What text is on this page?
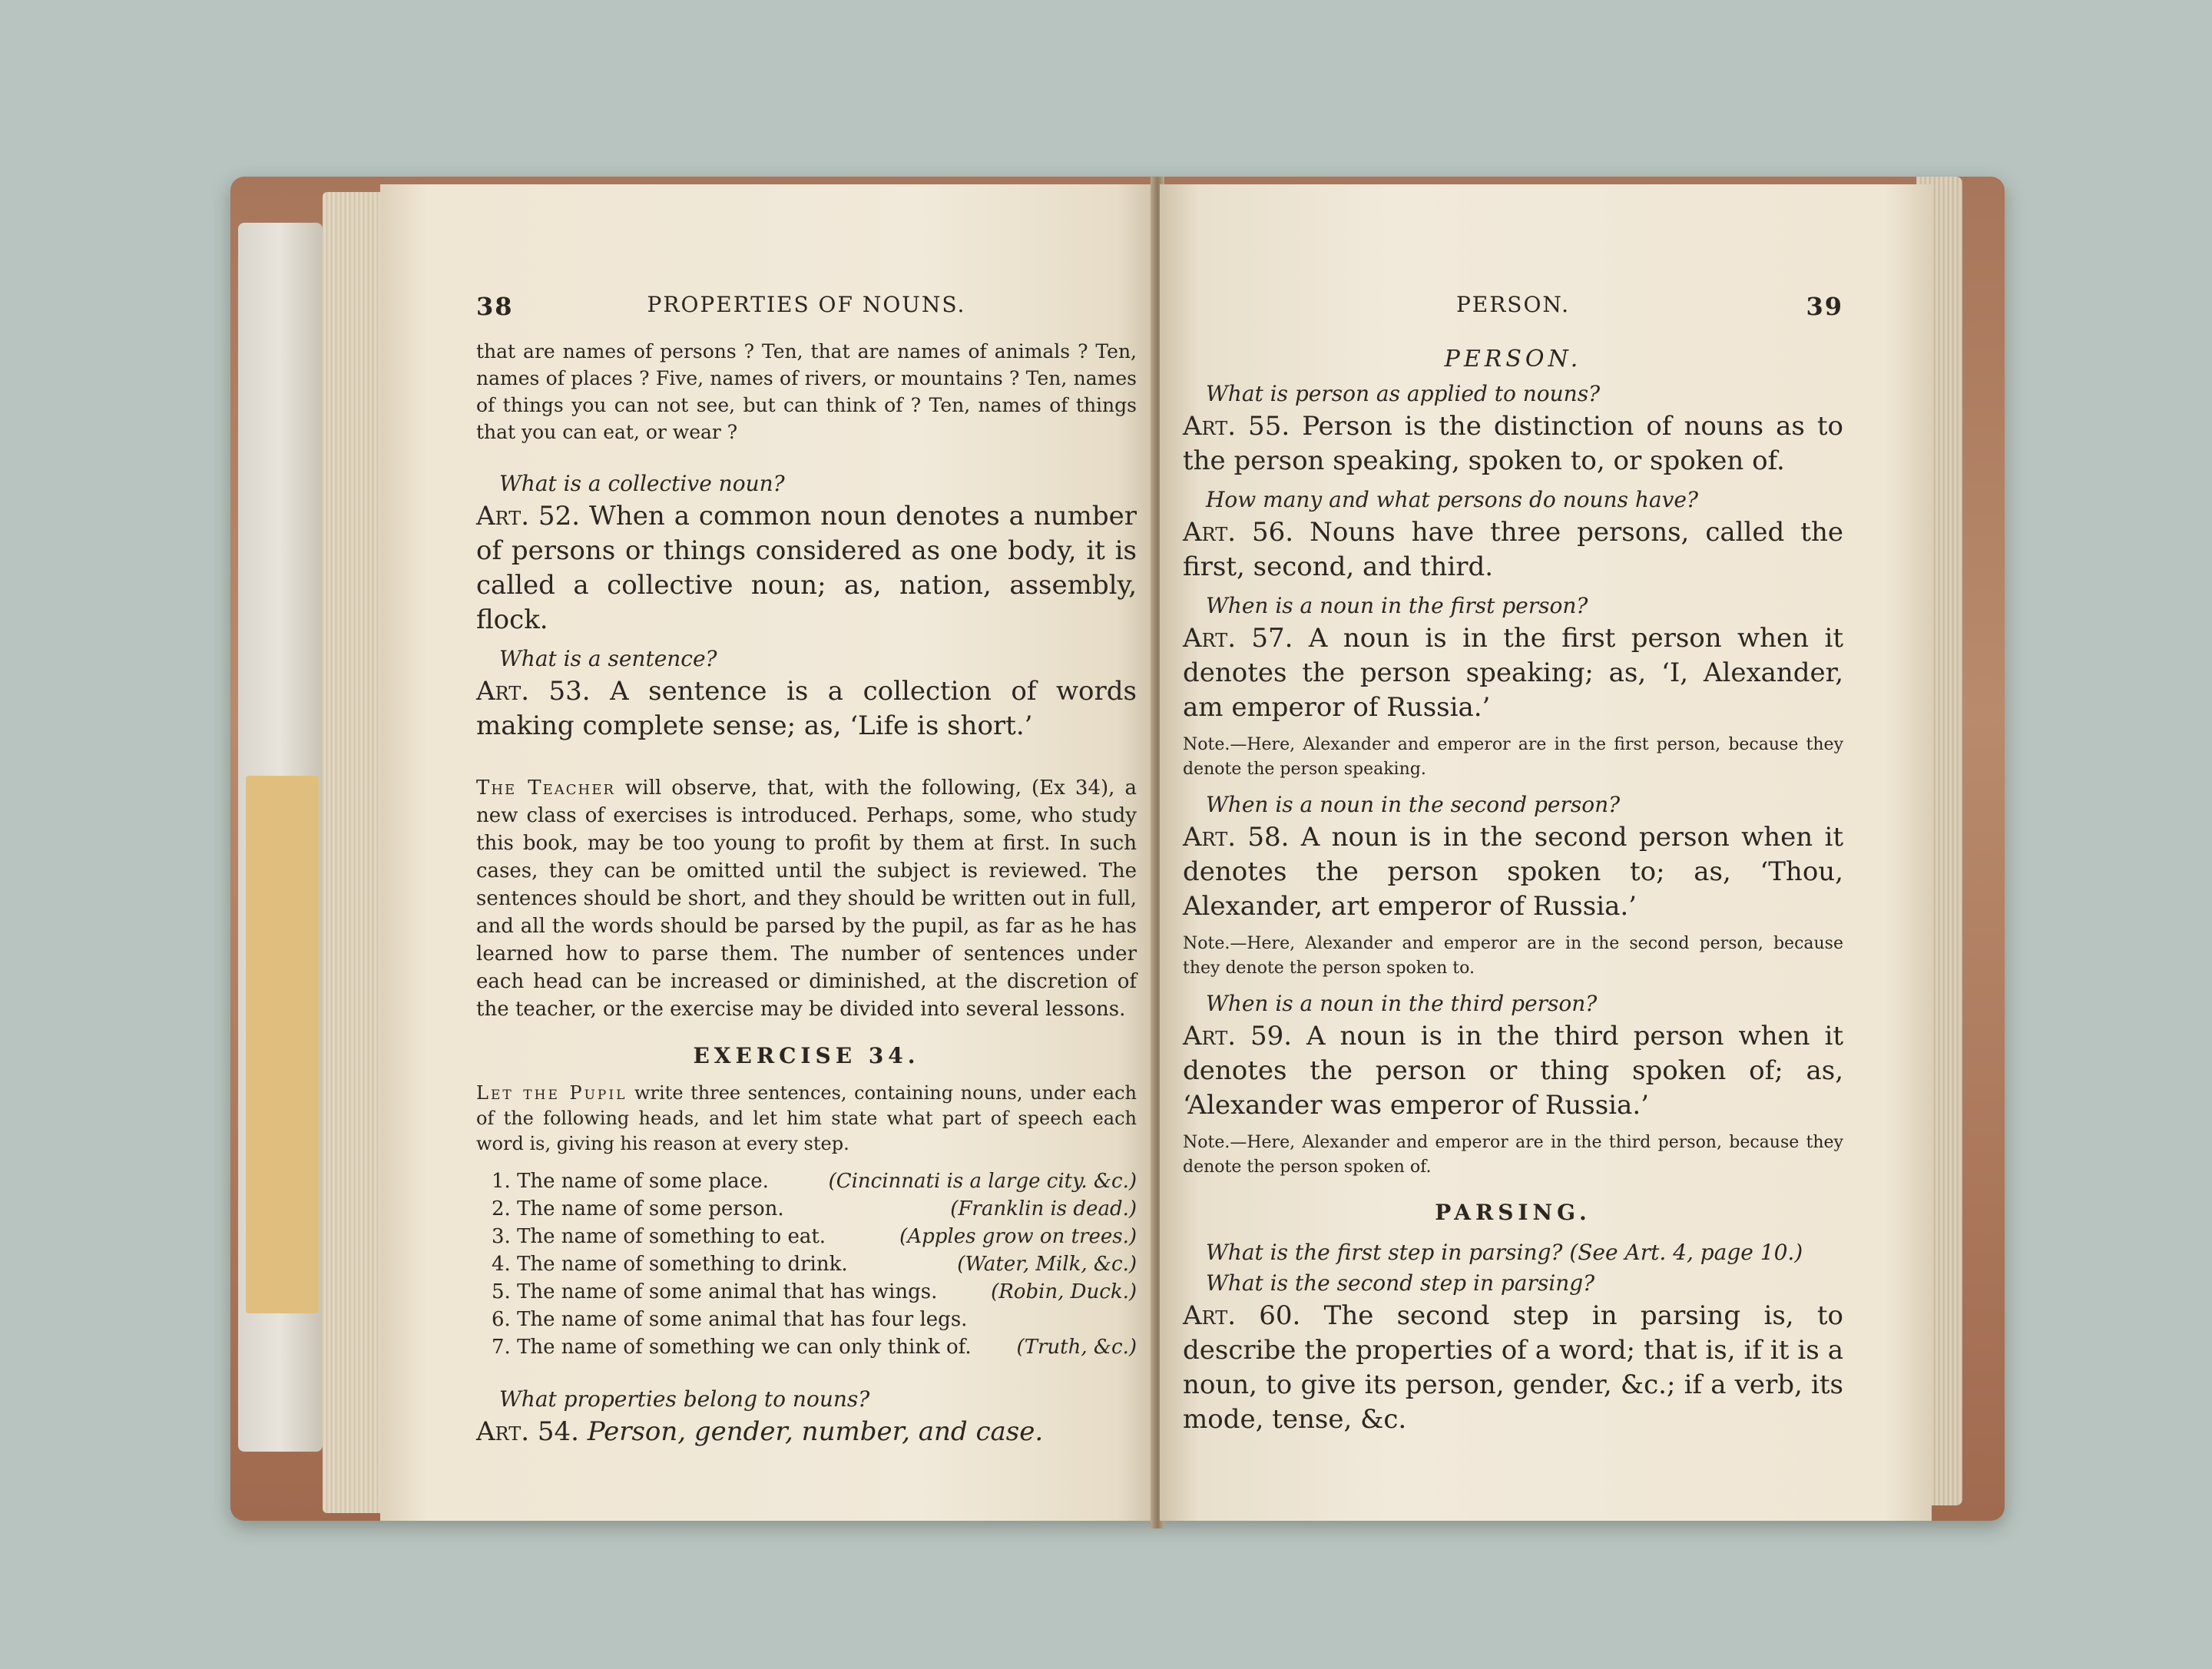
38	PROPERTIES OF NOUNS.

that are names of persons ? Ten, that are names of animals ? Ten, names of places ? Five, names of rivers, or mountains ? Ten, names of things you can not see, but can think of ? Ten, names of things that you can eat, or wear ?

What is a collective noun?

Art. 52. When a common noun denotes a number of persons or things considered as one body, it is called a collective noun; as, nation, assembly, flock.

What is a sentence?

Art. 53. A sentence is a collection of words making complete sense; as, ‘Life is short.’

The Teacher will observe, that, with the following, (Ex 34), a new class of exercises is introduced. Perhaps, some, who study this book, may be too young to profit by them at first. In such cases, they can be omitted until the subject is reviewed. The sentences should be short, and they should be written out in full, and all the words should be parsed by the pupil, as far as he has learned how to parse them. The number of sentences under each head can be increased or diminished, at the discretion of the teacher, or the exercise may be divided into several lessons.

EXERCISE 34.

Let the Pupil write three sentences, containing nouns, under each of the following heads, and let him state what part of speech each word is, giving his reason at every step.

1. The name of some place.	(Cincinnati is a large city. &c.)
2. The name of some person.	(Franklin is dead.)
3. The name of something to eat.	(Apples grow on trees.)
4. The name of something to drink.	(Water, Milk, &c.)
5. The name of some animal that has wings.	(Robin, Duck.)
6. The name of some animal that has four legs.
7. The name of something we can only think of. (Truth, &c.)

What properties belong to nouns?

Art. 54. Person, gender, number, and case.

PERSON.	39

PERSON.

What is person as applied to nouns?

Art. 55. Person is the distinction of nouns as to the person speaking, spoken to, or spoken of.

How many and what persons do nouns have?

Art. 56. Nouns have three persons, called the first, second, and third.

When is a noun in the first person?

Art. 57. A noun is in the first person when it denotes the person speaking; as, ‘I, Alexander, am emperor of Russia.’

Note.—Here, Alexander and emperor are in the first person, because they denote the person speaking.

When is a noun in the second person?

Art. 58. A noun is in the second person when it denotes the person spoken to; as, ‘Thou, Alexander, art emperor of Russia.’

Note.—Here, Alexander and emperor are in the second person, because they denote the person spoken to.

When is a noun in the third person?

Art. 59. A noun is in the third person when it denotes the person or thing spoken of; as, ‘Alexander was emperor of Russia.’

Note.—Here, Alexander and emperor are in the third person, because they denote the person spoken of.

PARSING.

What is the first step in parsing? (See Art. 4, page 10.)

What is the second step in parsing?

Art. 60. The second step in parsing is, to describe the properties of a word; that is, if it is a noun, to give its person, gender, &c.; if a verb, its mode, tense, &c.
